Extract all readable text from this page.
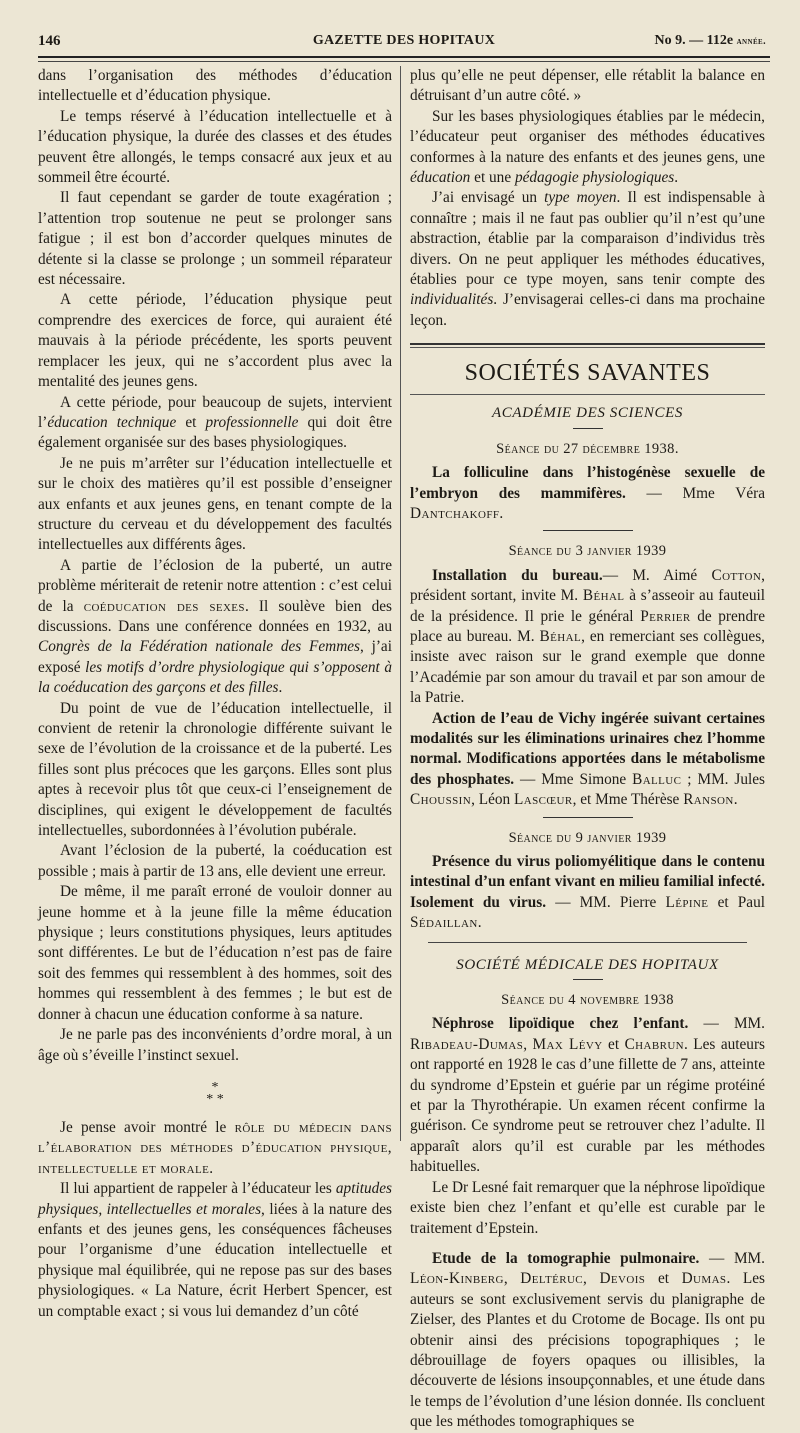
146	GAZETTE DES HOPITAUX	No 9. — 112e année.

dans l’organisation des méthodes d’éducation intellectuelle et d’éducation physique.

Le temps réservé à l’éducation intellectuelle et à l’éducation physique, la durée des classes et des études peuvent être allongés, le temps consacré aux jeux et au sommeil être écourté.

Il faut cependant se garder de toute exagération ; l’attention trop soutenue ne peut se prolonger sans fatigue ; il est bon d’accorder quelques minutes de détente si la classe se prolonge ; un sommeil réparateur est nécessaire.

A cette période, l’éducation physique peut comprendre des exercices de force, qui auraient été mauvais à la période précédente, les sports peuvent remplacer les jeux, qui ne s’accordent plus avec la mentalité des jeunes gens.

A cette période, pour beaucoup de sujets, intervient l’éducation technique et professionnelle qui doit être également organisée sur des bases physiologiques.

Je ne puis m’arrêter sur l’éducation intellectuelle et sur le choix des matières qu’il est possible d’enseigner aux enfants et aux jeunes gens, en tenant compte de la structure du cerveau et du développement des facultés intellectuelles aux différents âges.

A partie de l’éclosion de la puberté, un autre problème mériterait de retenir notre attention : c’est celui de la coéducation des sexes. Il soulève bien des discussions. Dans une conférence données en 1932, au Congrès de la Fédération nationale des Femmes, j’ai exposé les motifs d’ordre physiologique qui s’opposent à la coéducation des garçons et des filles.

Du point de vue de l’éducation intellectuelle, il convient de retenir la chronologie différente suivant le sexe de l’évolution de la croissance et de la puberté. Les filles sont plus précoces que les garçons. Elles sont plus aptes à recevoir plus tôt que ceux-ci l’enseignement de disciplines, qui exigent le développement de facultés intellectuelles, subordonnées à l’évolution pubérale.

Avant l’éclosion de la puberté, la coéducation est possible ; mais à partir de 13 ans, elle devient une erreur.

De même, il me paraît erroné de vouloir donner au jeune homme et à la jeune fille la même éducation physique ; leurs constitutions physiques, leurs aptitudes sont différentes. Le but de l’éducation n’est pas de faire soit des femmes qui ressemblent à des hommes, soit des hommes qui ressemblent à des femmes ; le but est de donner à chacun une éducation conforme à sa nature.

Je ne parle pas des inconvénients d’ordre moral, à un âge où s’éveille l’instinct sexuel.

*
* *

Je pense avoir montré le rôle du médecin dans l’élaboration des méthodes d’éducation physique, intellectuelle et morale.

Il lui appartient de rappeler à l’éducateur les aptitudes physiques, intellectuelles et morales, liées à la nature des enfants et des jeunes gens, les conséquences fâcheuses pour l’organisme d’une éducation intellectuelle et physique mal équilibrée, qui ne repose pas sur des bases physiologiques. « La Nature, écrit Herbert Spencer, est un comptable exact ; si vous lui demandez d’un côté

plus qu’elle ne peut dépenser, elle rétablit la balance en détruisant d’un autre côté. »

Sur les bases physiologiques établies par le médecin, l’éducateur peut organiser des méthodes éducatives conformes à la nature des enfants et des jeunes gens, une éducation et une pédagogie physiologiques.

J’ai envisagé un type moyen. Il est indispensable à connaître ; mais il ne faut pas oublier qu’il n’est qu’une abstraction, établie par la comparaison d’individus très divers. On ne peut appliquer les méthodes éducatives, établies pour ce type moyen, sans tenir compte des individualités. J’envisagerai celles-ci dans ma prochaine leçon.

SOCIÉTÉS SAVANTES
ACADÉMIE DES SCIENCES
Séance du 27 décembre 1938.

La folliculine dans l’histogénèse sexuelle de l’embryon des mammifères. — Mme Véra Dantchakoff.

Séance du 3 janvier 1939

Installation du bureau.— M. Aimé Cotton, président sortant, invite M. Béhal à s’asseoir au fauteuil de la présidence. Il prie le général Perrier de prendre place au bureau. M. Béhal, en remerciant ses collègues, insiste avec raison sur le grand exemple que donne l’Académie par son amour du travail et par son amour de la Patrie.

Action de l’eau de Vichy ingérée suivant certaines modalités sur les éliminations urinaires chez l’homme normal. Modifications apportées dans le métabolisme des phosphates. — Mme Simone Balluc ; MM. Jules Choussin, Léon Lascœur, et Mme Thérèse Ranson.

Séance du 9 janvier 1939

Présence du virus poliomyélitique dans le contenu intestinal d’un enfant vivant en milieu familial infecté. Isolement du virus. — MM. Pierre Lépine et Paul Sédaillan.

SOCIÉTÉ MÉDICALE DES HOPITAUX
Séance du 4 novembre 1938

Néphrose lipoïdique chez l’enfant. — MM. Ribadeau-Dumas, Max Lévy et Chabrun. Les auteurs ont rapporté en 1928 le cas d’une fillette de 7 ans, atteinte du syndrome d’Epstein et guérie par un régime protéiné et par la Thyrothérapie. Un examen récent confirme la guérison. Ce syndrome peut se retrouver chez l’adulte. Il apparaît alors qu’il est curable par les méthodes habituelles.

Le Dr Lesné fait remarquer que la néphrose lipoïdique existe bien chez l’enfant et qu’elle est curable par le traitement d’Epstein.

Etude de la tomographie pulmonaire. — MM. Léon-Kinberg, Deltéruc, Devois et Dumas. Les auteurs se sont exclusivement servis du planigraphe de Zielser, des Plantes et du Crotome de Bocage. Ils ont pu obtenir ainsi des précisions topographiques ; le débrouillage de foyers opaques ou illisibles, la découverte de lésions insoupçonnables, et une étude dans le temps de l’évolution d’une lésion donnée. Ils concluent que les méthodes tomographiques se
